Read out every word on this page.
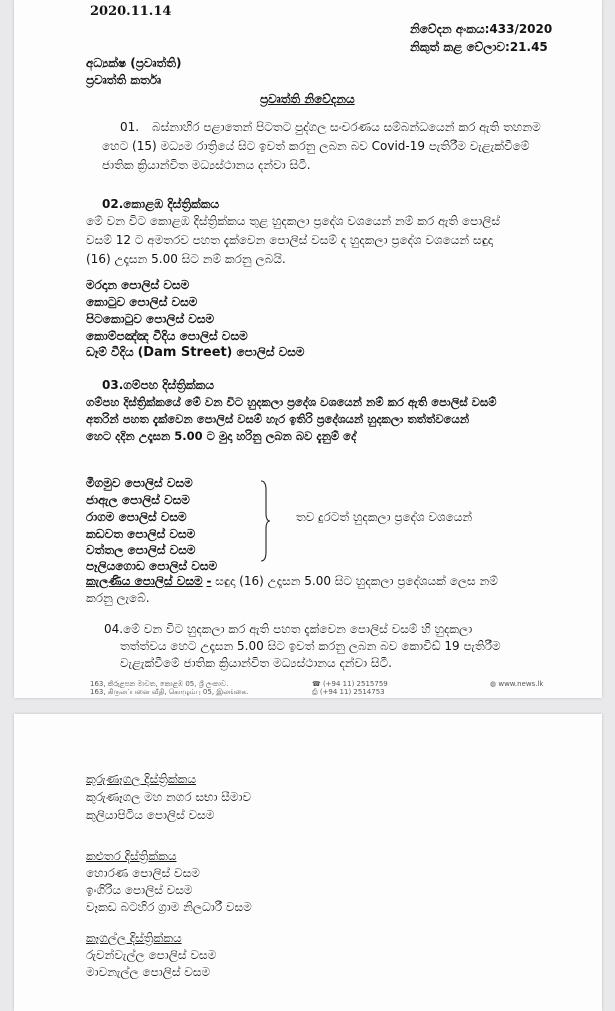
2020.11.14
නිවේදන අංකය:433/2020
නිකුත් කළ වේලාව:21.45
අධ්‍යක්ෂ (ප්‍රවෘත්ති)
ප්‍රවෘත්ති කර්තෘ
ප්‍රවෘත්ති නිවේදනය
01. බස්නාහිර පළාතෙන් පිටතට පුද්ගල සංචරණය සම්බන්ධයෙන් කර ඇති තහනම
හෙට (15) මධ්‍යම රාත්‍රියේ සිට ඉවත් කරනු ලබන බව Covid-19 පැතිරීම වැළැක්වීමේ
ජාතික ක්‍රියාන්විත මධ්‍යස්ථානය දන්වා සිටී.
02.කොළඹ දිස්ත්‍රික්කය
මේ වන විට කොළඹ දිස්ත්‍රික්කය තුළ හුදකලා ප්‍රදේශ වශයෙන් නම් කර ඇති පොලිස්
වසම් 12 ට අමතරව පහත දැක්වෙන පොලිස් වසම් ද හුදකලා ප්‍රදේශ වශයෙන් සඳුදා
(16) උදෑසන 5.00 සිට නම් කරනු ලබයි.
මරදාන පොලිස් වසම
කොටුව පොලිස් වසම
පිටකොටුව පොලිස් වසම
කොම්පඤ්ඤ වීදිය පොලිස් වසම
ඩෑම් වීදිය (Dam Street) පොලිස් වසම
03.ගම්පහ දිස්ත්‍රික්කය
ගම්පහ දිස්ත්‍රික්කයේ මේ වන විට හුදකලා ප්‍රදේශ වශයෙන් නම් කර ඇති පොලිස් වසම්
අතරින් පහත දැක්වෙන පොලිස් වසම් හැර ඉතිරි ප්‍රදේශයන් හුදකලා තත්ත්වයෙන්
හෙට දදින උදෑසන 5.00 ට මුදා හරිනු ලබන බව දැනුම් දේ
මීගමුව පොලිස් වසම
ජාඇල පොලිස් වසම
රාගම පොලිස් වසම
කඩවත පොලිස් වසම
වත්තල පොලිස් වසම
පෑලියගොඩ පොලිස් වසම
තව දුරටත් හුදකලා ප්‍රදේශ වශයෙන්
කැලණිය පොලිස් වසම - සඳුදා (16) උදෑසන 5.00 සිට හුදකලා ප්‍රදේශයක් ලෙස නම්
කරනු ලැබේ.
04.මේ වන විට හුදකලා කර ඇති පහත දැක්වෙන පොලිස් වසම් හි හුදකලා
තත්ත්වය හෙට උදෑසන 5.00 සිට ඉවත් කරනු ලබන බව කොවිඩ් 19 පැතිරීම
වැළැක්වීමේ ජාතික ක්‍රියාන්විත මධ්‍යස්ථානය දන්වා සිටී.
163, කිරුළපන මාවත, කොළඹ 05, ශ්‍රී ලංකාව.
163, கிருலப்பனை வீதி, கொழும்பு 05, இலங்கை.
☎ (+94 11) 2515759
⎙ (+94 11) 2514753
◍ www.news.lk
කුරුණෑගල දිස්ත්‍රික්කය
කුරුණෑගල මහ නගර සභා සීමාව
කුලියාපිටිය පොලිස් වසම
කළුතර දිස්ත්‍රික්කය
හොරණ පොලිස් වසම
ඉංගිරිය පොලිස් වසම
වෑකඩ බටහිර ග්‍රාම නිලධාරී වසම
කෑගල්ල දිස්ත්‍රික්කය
රුවන්වැල්ල පොලිස් වසම
මාවනැල්ල පොලිස් වසම
